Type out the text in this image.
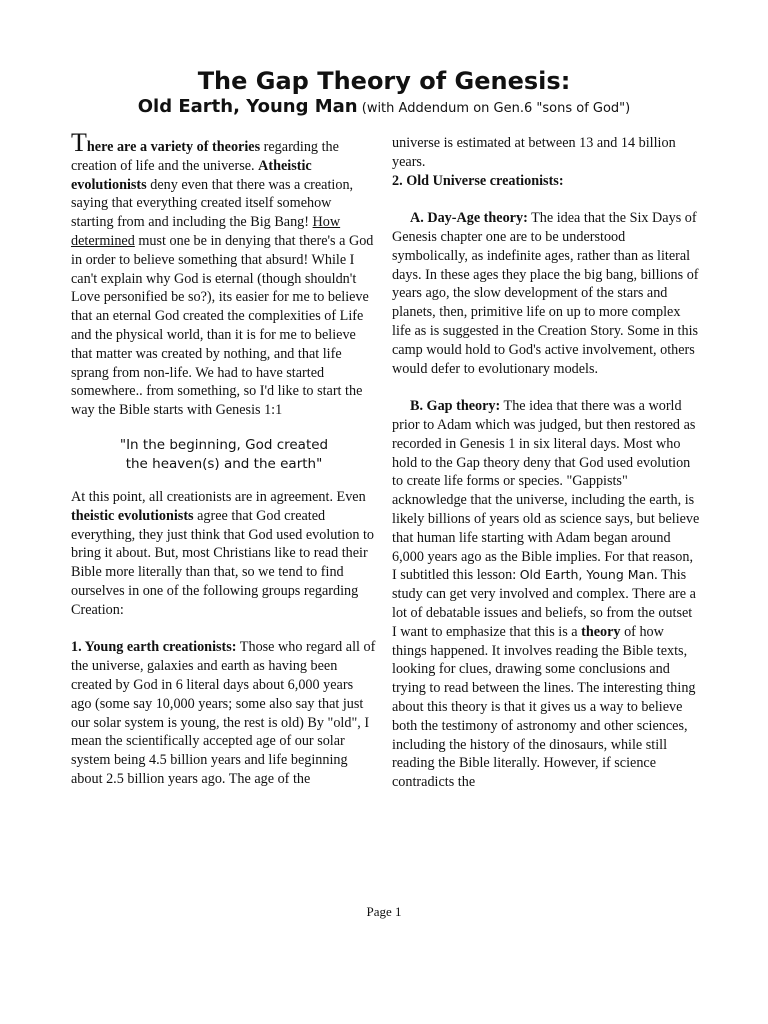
The Gap Theory of Genesis:
Old Earth, Young Man (with Addendum on Gen.6 "sons of God")

There are a variety of theories regarding the creation of life and the universe. Atheistic evolutionists deny even that there was a creation, saying that everything created itself somehow starting from and including the Big Bang! How determined must one be in denying that there's a God in order to believe something that absurd! While I can't explain why God is eternal (though shouldn't Love personified be so?), its easier for me to believe that an eternal God created the complexities of Life and the physical world, than it is for me to believe that matter was created by nothing, and that life sprang from non-life. We had to have started somewhere.. from something, so I'd like to start the way the Bible starts with Genesis 1:1

"In the beginning, God created
the heaven(s) and the earth"

At this point, all creationists are in agreement. Even theistic evolutionists agree that God created everything, they just think that God used evolution to bring it about. But, most Christians like to read their Bible more literally than that, so we tend to find ourselves in one of the following groups regarding Creation:

1. Young earth creationists: Those who regard all of the universe, galaxies and earth as having been created by God in 6 literal days about 6,000 years ago (some say 10,000 years; some also say that just our solar system is young, the rest is old) By "old", I mean the scientifically accepted age of our solar system being 4.5 billion years and life beginning about 2.5 billion years ago. The age of the

universe is estimated at between 13 and 14 billion years.

2. Old Universe creationists:

A. Day-Age theory: The idea that the Six Days of Genesis chapter one are to be understood symbolically, as indefinite ages, rather than as literal days. In these ages they place the big bang, billions of years ago, the slow development of the stars and planets, then, primitive life on up to more complex life as is suggested in the Creation Story. Some in this camp would hold to God's active involvement, others would defer to evolutionary models.

B. Gap theory: The idea that there was a world prior to Adam which was judged, but then restored as recorded in Genesis 1 in six literal days. Most who hold to the Gap theory deny that God used evolution to create life forms or species. "Gappists" acknowledge that the universe, including the earth, is likely billions of years old as science says, but believe that human life starting with Adam began around 6,000 years ago as the Bible implies. For that reason, I subtitled this lesson: Old Earth, Young Man. This study can get very involved and complex. There are a lot of debatable issues and beliefs, so from the outset I want to emphasize that this is a theory of how things happened. It involves reading the Bible texts, looking for clues, drawing some conclusions and trying to read between the lines. The interesting thing about this theory is that it gives us a way to believe both the testimony of astronomy and other sciences, including the history of the dinosaurs, while still reading the Bible literally. However, if science contradicts the

Page 1
